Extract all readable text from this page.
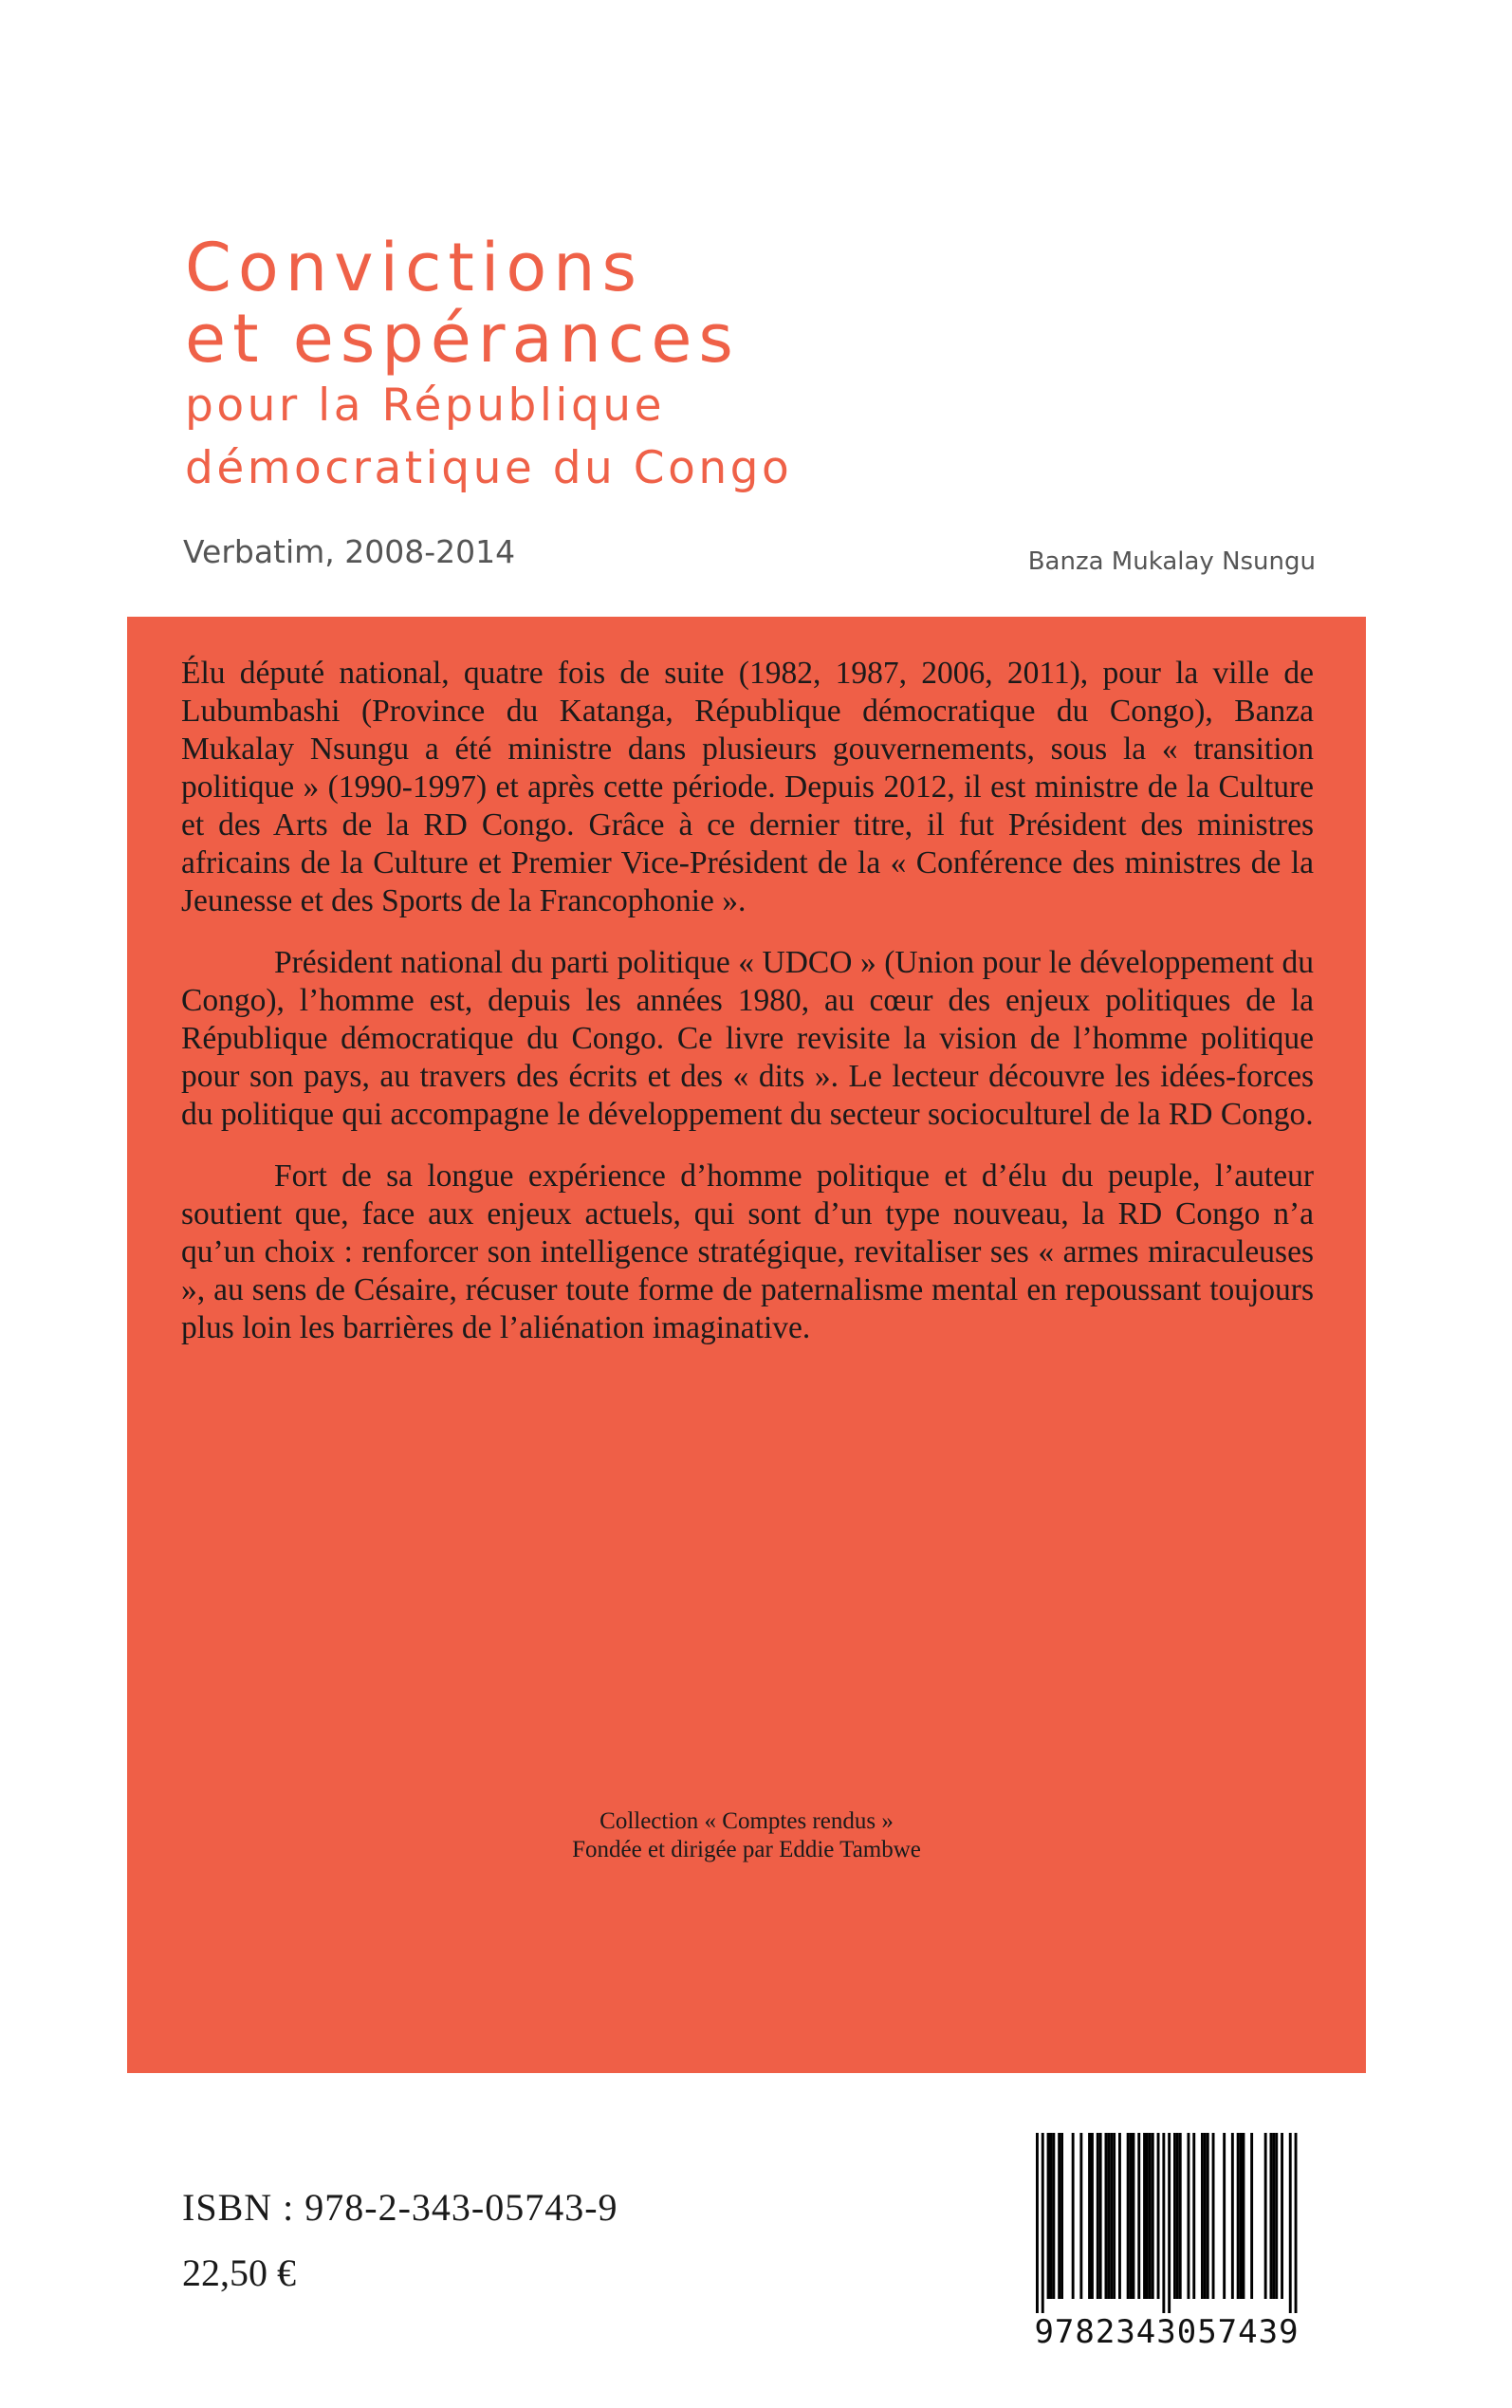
Convictions
et espérances
pour la République
démocratique du Congo
Verbatim, 2008-2014	Banza Mukalay Nsungu

Élu député national, quatre fois de suite (1982, 1987, 2006, 2011), pour la ville de Lubumbashi (Province du Katanga, République démocratique du Congo), Banza Mukalay Nsungu a été ministre dans plusieurs gouvernements, sous la « transition politique » (1990-1997) et après cette période. Depuis 2012, il est ministre de la Culture et des Arts de la RD Congo. Grâce à ce dernier titre, il fut Président des ministres africains de la Culture et Premier Vice-Président de la « Conférence des ministres de la Jeunesse et des Sports de la Francophonie ».

Président national du parti politique « UDCO » (Union pour le développement du Congo), l’homme est, depuis les années 1980, au cœur des enjeux politiques de la République démocratique du Congo. Ce livre revisite la vision de l’homme politique pour son pays, au travers des écrits et des « dits ». Le lecteur découvre les idées-forces du politique qui accompagne le développement du secteur socioculturel de la RD Congo.

Fort de sa longue expérience d’homme politique et d’élu du peuple, l’auteur soutient que, face aux enjeux actuels, qui sont d’un type nouveau, la RD Congo n’a qu’un choix : renforcer son intelligence stratégique, revitaliser ses « armes miraculeuses », au sens de Césaire, récuser toute forme de paternalisme mental en repoussant toujours plus loin les barrières de l’aliénation imaginative.

Collection « Comptes rendus »
Fondée et dirigée par Eddie Tambwe
ISBN : 978-2-343-05743-9
22,50 €
9782343057439
